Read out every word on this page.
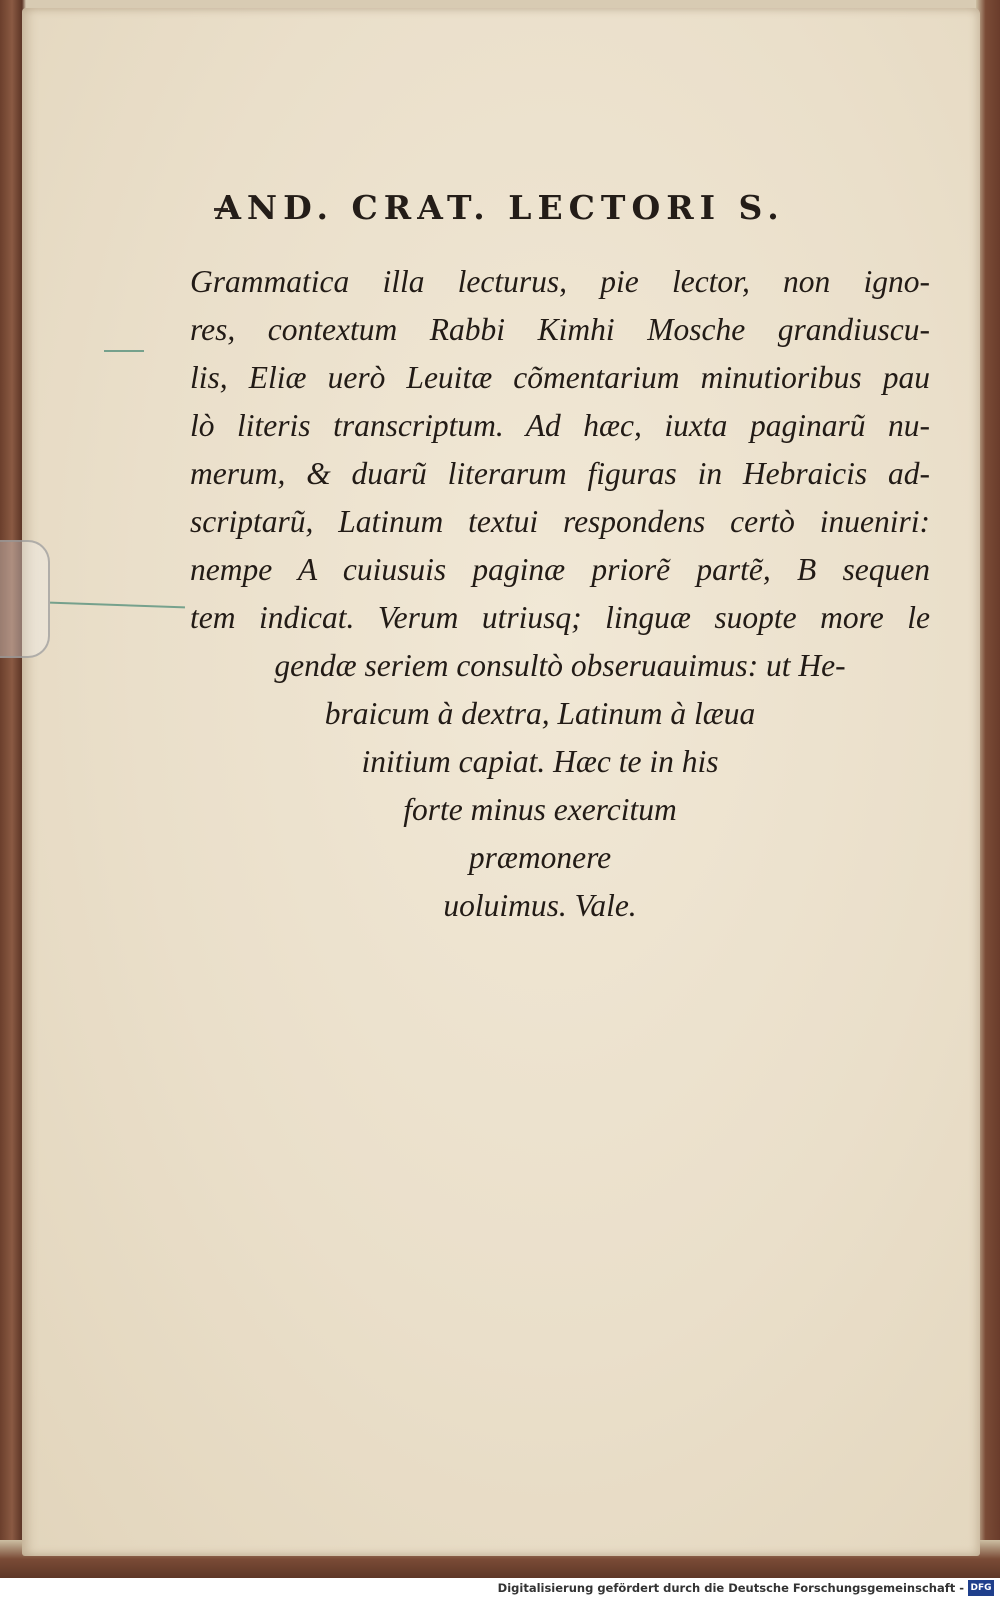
AND. CRAT. LECTORI S.
Grammatica illa lecturus, pie lector, non igno-
res, contextum Rabbi Kimhi Mosche grandiuscu-
lis, Eliæ uerò Leuitæ cõmentarium minutioribus pau
lò literis transcriptum. Ad hæc, iuxta paginarũ nu-
merum, & duarũ literarum figuras in Hebraicis ad-
scriptarũ, Latinum textui respondens certò inueniri:
nempe A cuiusuis paginæ priorẽ partẽ, B sequen
tem indicat. Verum utriusq; linguæ suopte more le
gendæ seriem consultò obseruauimus: ut He-
braicum à dextra, Latinum à læua
initium capiat. Hæc te in his
forte minus exercitum
præmonere
uoluimus. Vale.
Digitalisierung gefördert durch die Deutsche Forschungsgemeinschaft - DFG
